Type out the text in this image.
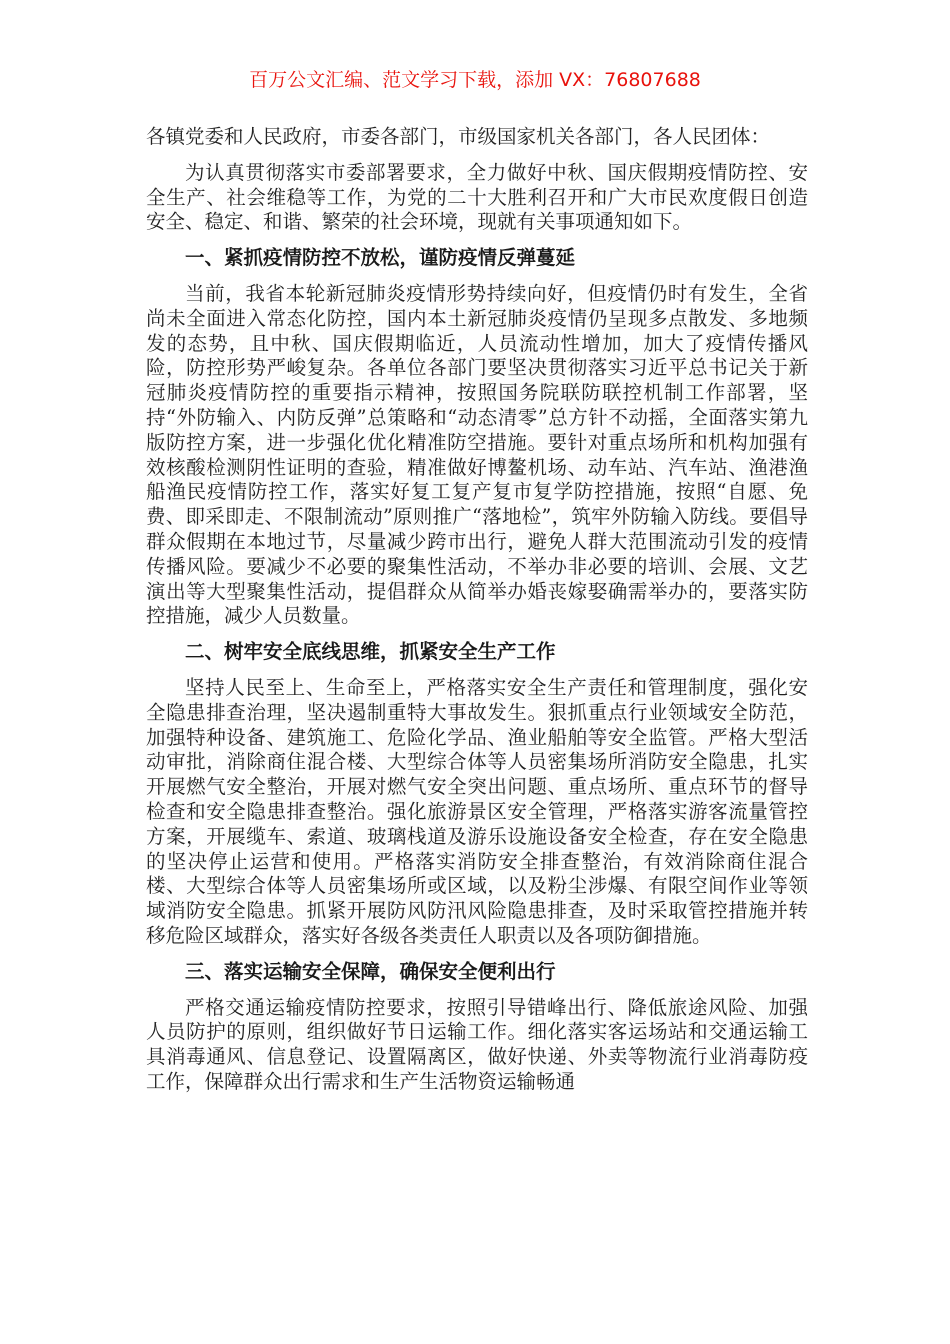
百万公文汇编、范文学习下载，添加 VX：76807688

各镇党委和人民政府，市委各部门，市级国家机关各部门，各人民团体：

为认真贯彻落实市委部署要求，全力做好中秋、国庆假期疫情防控、安全生产、社会维稳等工作，为党的二十大胜利召开和广大市民欢度假日创造安全、稳定、和谐、繁荣的社会环境，现就有关事项通知如下。

一、紧抓疫情防控不放松，谨防疫情反弹蔓延

当前，我省本轮新冠肺炎疫情形势持续向好，但疫情仍时有发生，全省尚未全面进入常态化防控，国内本土新冠肺炎疫情仍呈现多点散发、多地频发的态势，且中秋、国庆假期临近，人员流动性增加，加大了疫情传播风险，防控形势严峻复杂。各单位各部门要坚决贯彻落实习近平总书记关于新冠肺炎疫情防控的重要指示精神，按照国务院联防联控机制工作部署，坚持“外防输入、内防反弹”总策略和“动态清零”总方针不动摇，全面落实第九版防控方案，进一步强化优化精准防空措施。要针对重点场所和机构加强有效核酸检测阴性证明的查验，精准做好博鳌机场、动车站、汽车站、渔港渔船渔民疫情防控工作，落实好复工复产复市复学防控措施，按照“自愿、免费、即采即走、不限制流动”原则推广“落地检”，筑牢外防输入防线。要倡导群众假期在本地过节，尽量减少跨市出行，避免人群大范围流动引发的疫情传播风险。要减少不必要的聚集性活动，不举办非必要的培训、会展、文艺演出等大型聚集性活动，提倡群众从简举办婚丧嫁娶确需举办的，要落实防控措施，减少人员数量。

二、树牢安全底线思维，抓紧安全生产工作

坚持人民至上、生命至上，严格落实安全生产责任和管理制度，强化安全隐患排查治理，坚决遏制重特大事故发生。狠抓重点行业领域安全防范，加强特种设备、建筑施工、危险化学品、渔业船舶等安全监管。严格大型活动审批，消除商住混合楼、大型综合体等人员密集场所消防安全隐患，扎实开展燃气安全整治，开展对燃气安全突出问题、重点场所、重点环节的督导检查和安全隐患排查整治。强化旅游景区安全管理，严格落实游客流量管控方案，开展缆车、索道、玻璃栈道及游乐设施设备安全检查，存在安全隐患的坚决停止运营和使用。严格落实消防安全排查整治，有效消除商住混合楼、大型综合体等人员密集场所或区域，以及粉尘涉爆、有限空间作业等领域消防安全隐患。抓紧开展防风防汛风险隐患排查，及时采取管控措施并转移危险区域群众，落实好各级各类责任人职责以及各项防御措施。

三、落实运输安全保障，确保安全便利出行

严格交通运输疫情防控要求，按照引导错峰出行、降低旅途风险、加强人员防护的原则，组织做好节日运输工作。细化落实客运场站和交通运输工具消毒通风、信息登记、设置隔离区，做好快递、外卖等物流行业消毒防疫工作，保障群众出行需求和生产生活物资运输畅通
